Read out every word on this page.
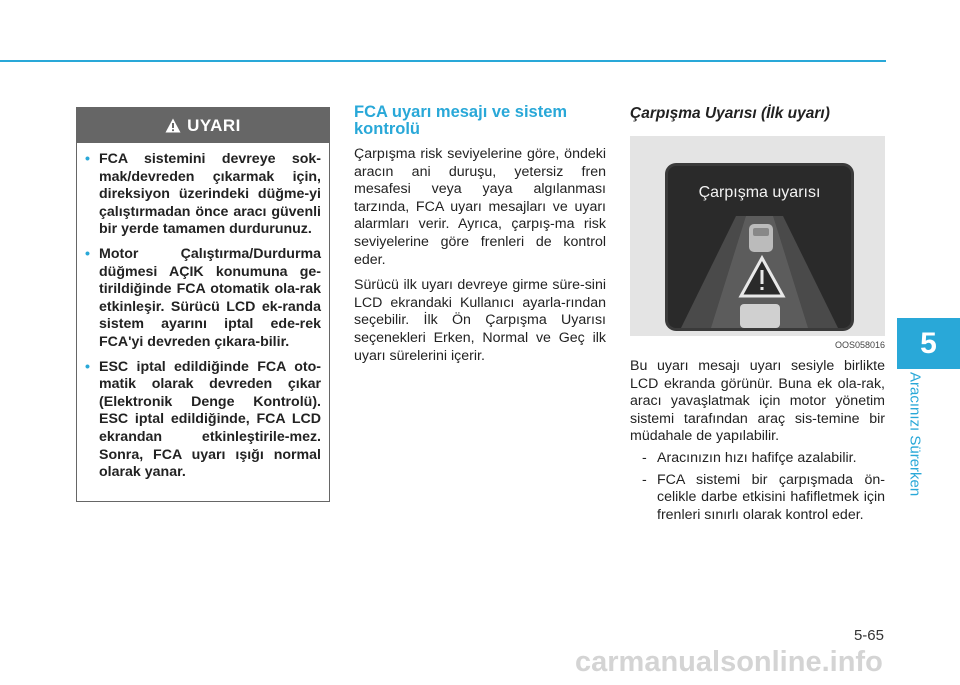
UYARI
• FCA sistemini devreye sok-mak/devreden çıkarmak için, direksiyon üzerindeki düğme-yi çalıştırmadan önce aracı güvenli bir yerde tamamen durdurunuz.
• Motor Çalıştırma/Durdurma düğmesi AÇIK konumuna ge-tirildiğinde FCA otomatik ola-rak etkinleşir. Sürücü LCD ek-randa sistem ayarını iptal ede-rek FCA'yi devreden çıkara-bilir.
• ESC iptal edildiğinde FCA oto-matik olarak devreden çıkar (Elektronik Denge Kontrolü). ESC iptal edildiğinde, FCA LCD ekrandan etkinleştirile-mez. Sonra, FCA uyarı ışığı normal olarak yanar.
FCA uyarı mesajı ve sistem kontrolü

Çarpışma risk seviyelerine göre, öndeki aracın ani duruşu, yetersiz fren mesafesi veya yaya algılanması tarzında, FCA uyarı mesajları ve uyarı alarmları verir. Ayrıca, çarpış-ma risk seviyelerine göre frenleri de kontrol eder.

Sürücü ilk uyarı devreye girme süre-sini LCD ekrandaki Kullanıcı ayarla-rından seçebilir. İlk Ön Çarpışma Uyarısı seçenekleri Erken, Normal ve Geç ilk uyarı sürelerini içerir.

Çarpışma Uyarısı (İlk uyarı)
Çarpışma uyarısı
OOS058016

Bu uyarı mesajı uyarı sesiyle birlikte LCD ekranda görünür. Buna ek ola-rak, aracı yavaşlatmak için motor yönetim sistemi tarafından araç sis-temine bir müdahale de yapılabilir.

- Aracınızın hızı hafifçe azalabilir.
- FCA sistemi bir çarpışmada ön-celikle darbe etkisini hafifletmek için frenleri sınırlı olarak kontrol eder.
5
Aracınızı Sürerken
5-65
carmanualsonline.info
